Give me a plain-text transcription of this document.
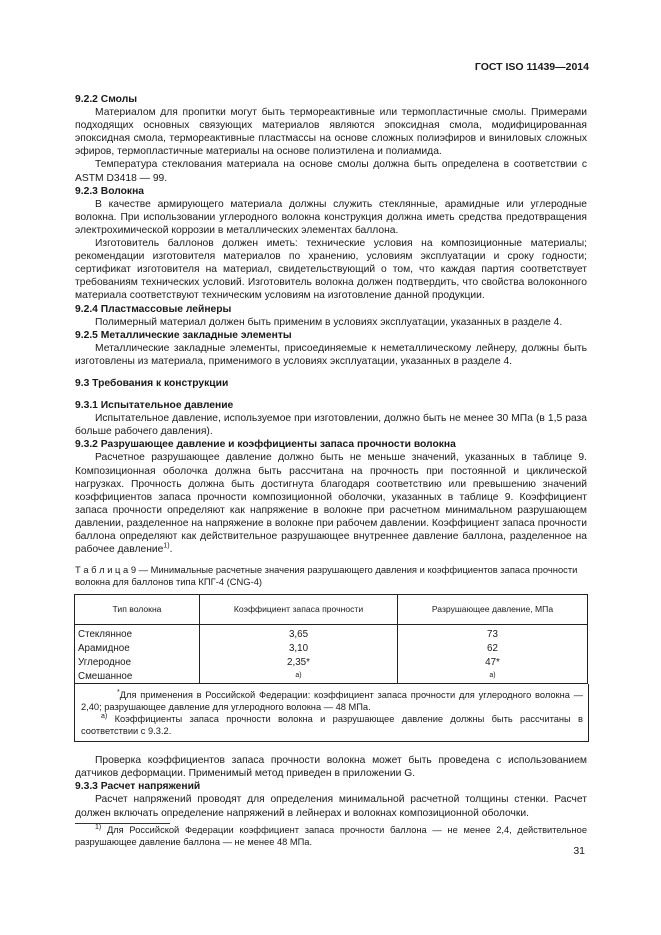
ГОСТ ISO 11439—2014

9.2.2 Смолы

Материалом для пропитки могут быть термореактивные или термопластичные смолы. Примерами подходящих основных связующих материалов являются эпоксидная смола, модифицированная эпоксидная смола, термореактивные пластмассы на основе сложных полиэфиров и виниловых сложных эфиров, термопластичные материалы на основе полиэтилена и полиамида.

Температура стеклования материала на основе смолы должна быть определена в соответствии с ASTM D3418 — 99.

9.2.3 Волокна

В качестве армирующего материала должны служить стеклянные, арамидные или углеродные волокна. При использовании углеродного волокна конструкция должна иметь средства предотвращения электрохимической коррозии в металлических элементах баллона.

Изготовитель баллонов должен иметь: технические условия на композиционные материалы; рекомендации изготовителя материалов по хранению, условиям эксплуатации и сроку годности; сертификат изготовителя на материал, свидетельствующий о том, что каждая партия соответствует требованиям технических условий. Изготовитель волокна должен подтвердить, что свойства волоконного материала соответствуют техническим условиям на изготовление данной продукции.

9.2.4 Пластмассовые лейнеры

Полимерный материал должен быть применим в условиях эксплуатации, указанных в разделе 4.

9.2.5 Металлические закладные элементы

Металлические закладные элементы, присоединяемые к неметаллическому лейнеру, должны быть изготовлены из материала, применимого в условиях эксплуатации, указанных в разделе 4.

9.3 Требования к конструкции

9.3.1 Испытательное давление

Испытательное давление, используемое при изготовлении, должно быть не менее 30 МПа (в 1,5 раза больше рабочего давления).

9.3.2 Разрушающее давление и коэффициенты запаса прочности волокна

Расчетное разрушающее давление должно быть не меньше значений, указанных в таблице 9. Композиционная оболочка должна быть рассчитана на прочность при постоянной и циклической нагрузках. Прочность должна быть достигнута благодаря соответствию или превышению значений коэффициентов запаса прочности композиционной оболочки, указанных в таблице 9. Коэффициент запаса прочности определяют как напряжение в волокне при расчетном минимальном разрушающем давлении, разделенное на напряжение в волокне при рабочем давлении. Коэффициент запаса прочности баллона определяют как действительное разрушающее внутреннее давление баллона, разделенное на рабочее давление$^{1)}$.

Т а б л и ц а 9 — Минимальные расчетные значения разрушающего давления и коэффициентов запаса прочности волокна для баллонов типа КПГ-4 (CNG-4)

Тип волокна	Коэффициент запаса прочности	Разрушающее давление, МПа
Стеклянное	3,65	73
Арамидное	3,10	62
Углеродное	2,35*	47*
Смешанное	а)	а)
*Для применения в Российской Федерации: коэффициент запаса прочности для углеродного волокна — 2,40; разрушающее давление для углеродного волокна — 48 МПа.
$^{а)}$ Коэффициенты запаса прочности волокна и разрушающее давление должны быть рассчитаны в соответствии с 9.3.2.

Проверка коэффициентов запаса прочности волокна может быть проведена с использованием датчиков деформации. Применимый метод приведен в приложении G.

9.3.3 Расчет напряжений

Расчет напряжений проводят для определения минимальной расчетной толщины стенки. Расчет должен включать определение напряжений в лейнерах и волокнах композиционной оболочки.

$^{1)}$ Для Российской Федерации коэффициент запаса прочности баллона — не менее 2,4, действительное разрушающее давление баллона — не менее 48 МПа.

31
